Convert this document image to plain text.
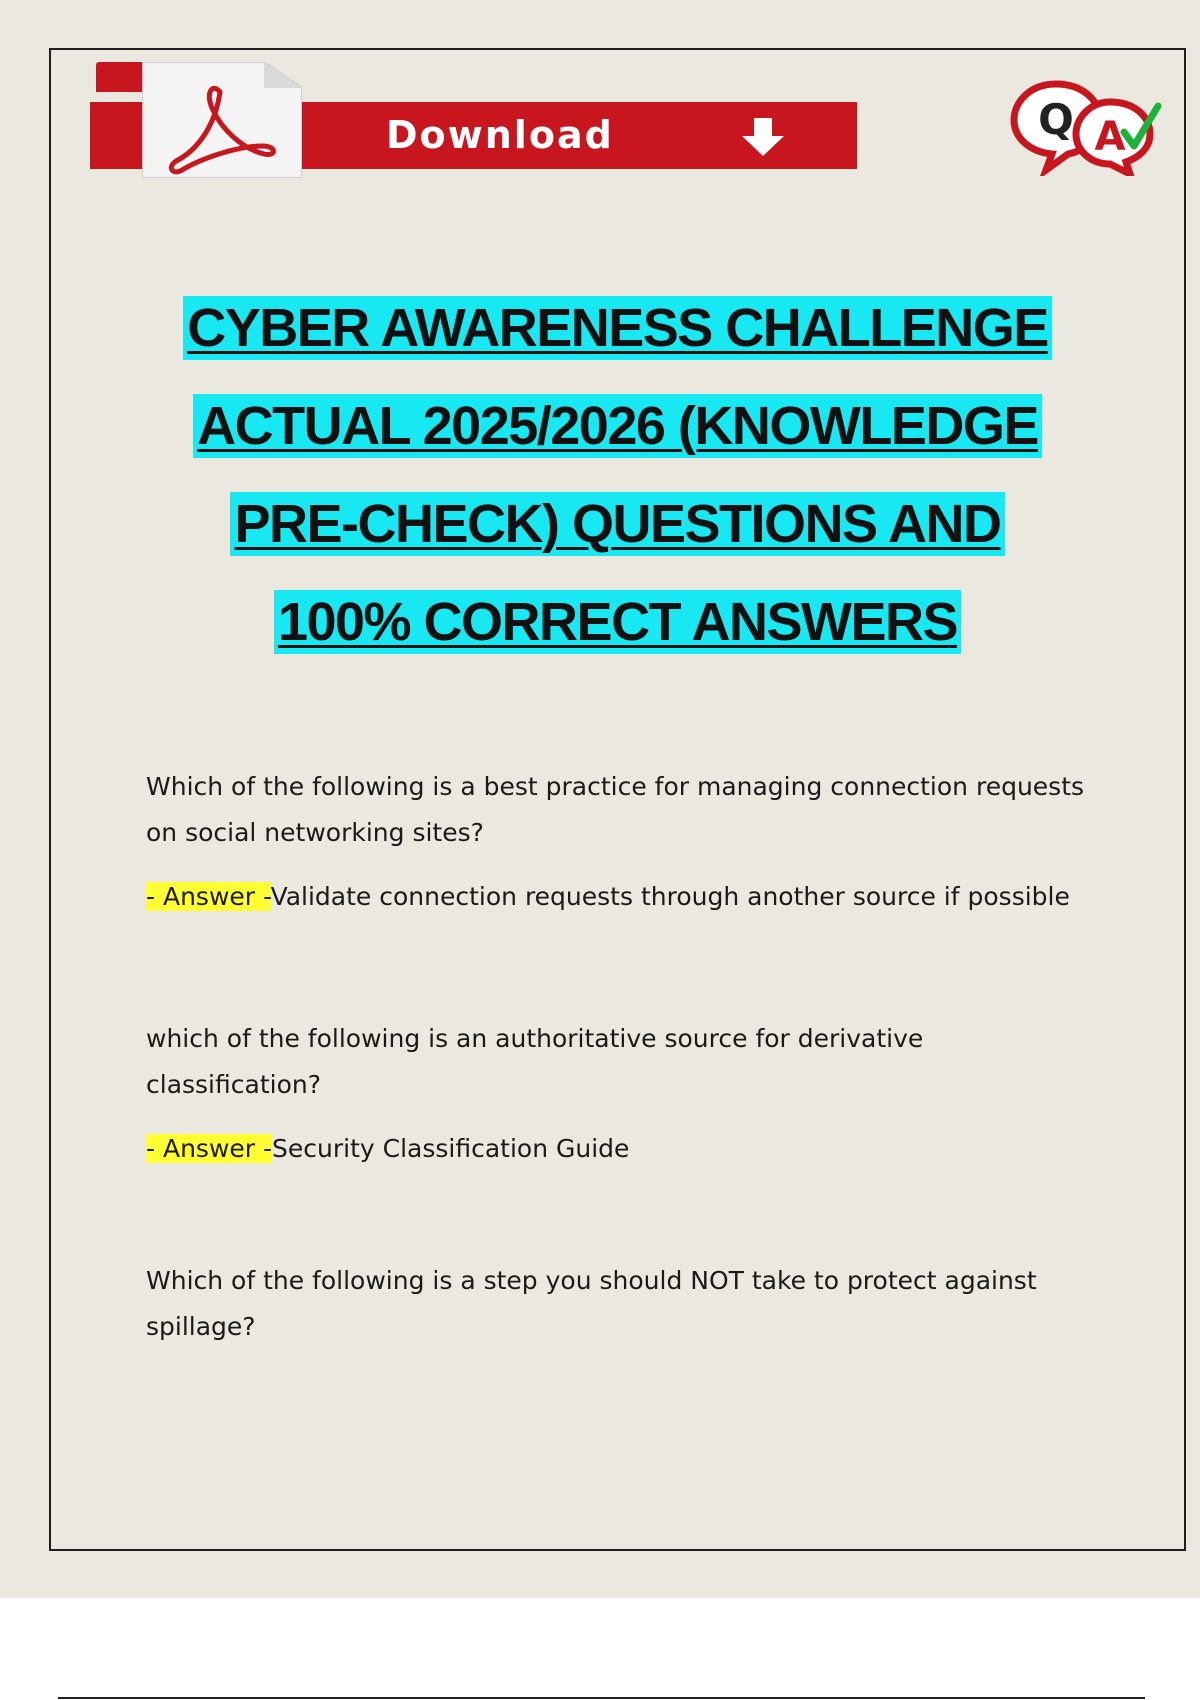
Download	Q A
CYBER AWARENESS CHALLENGE
ACTUAL 2025/2026 (KNOWLEDGE
PRE-CHECK) QUESTIONS AND
100% CORRECT ANSWERS

Which of the following is a best practice for managing connection requests on social networking sites?

- Answer -Validate connection requests through another source if possible

which of the following is an authoritative source for derivative classification?

- Answer -Security Classification Guide

Which of the following is a step you should NOT take to protect against spillage?
